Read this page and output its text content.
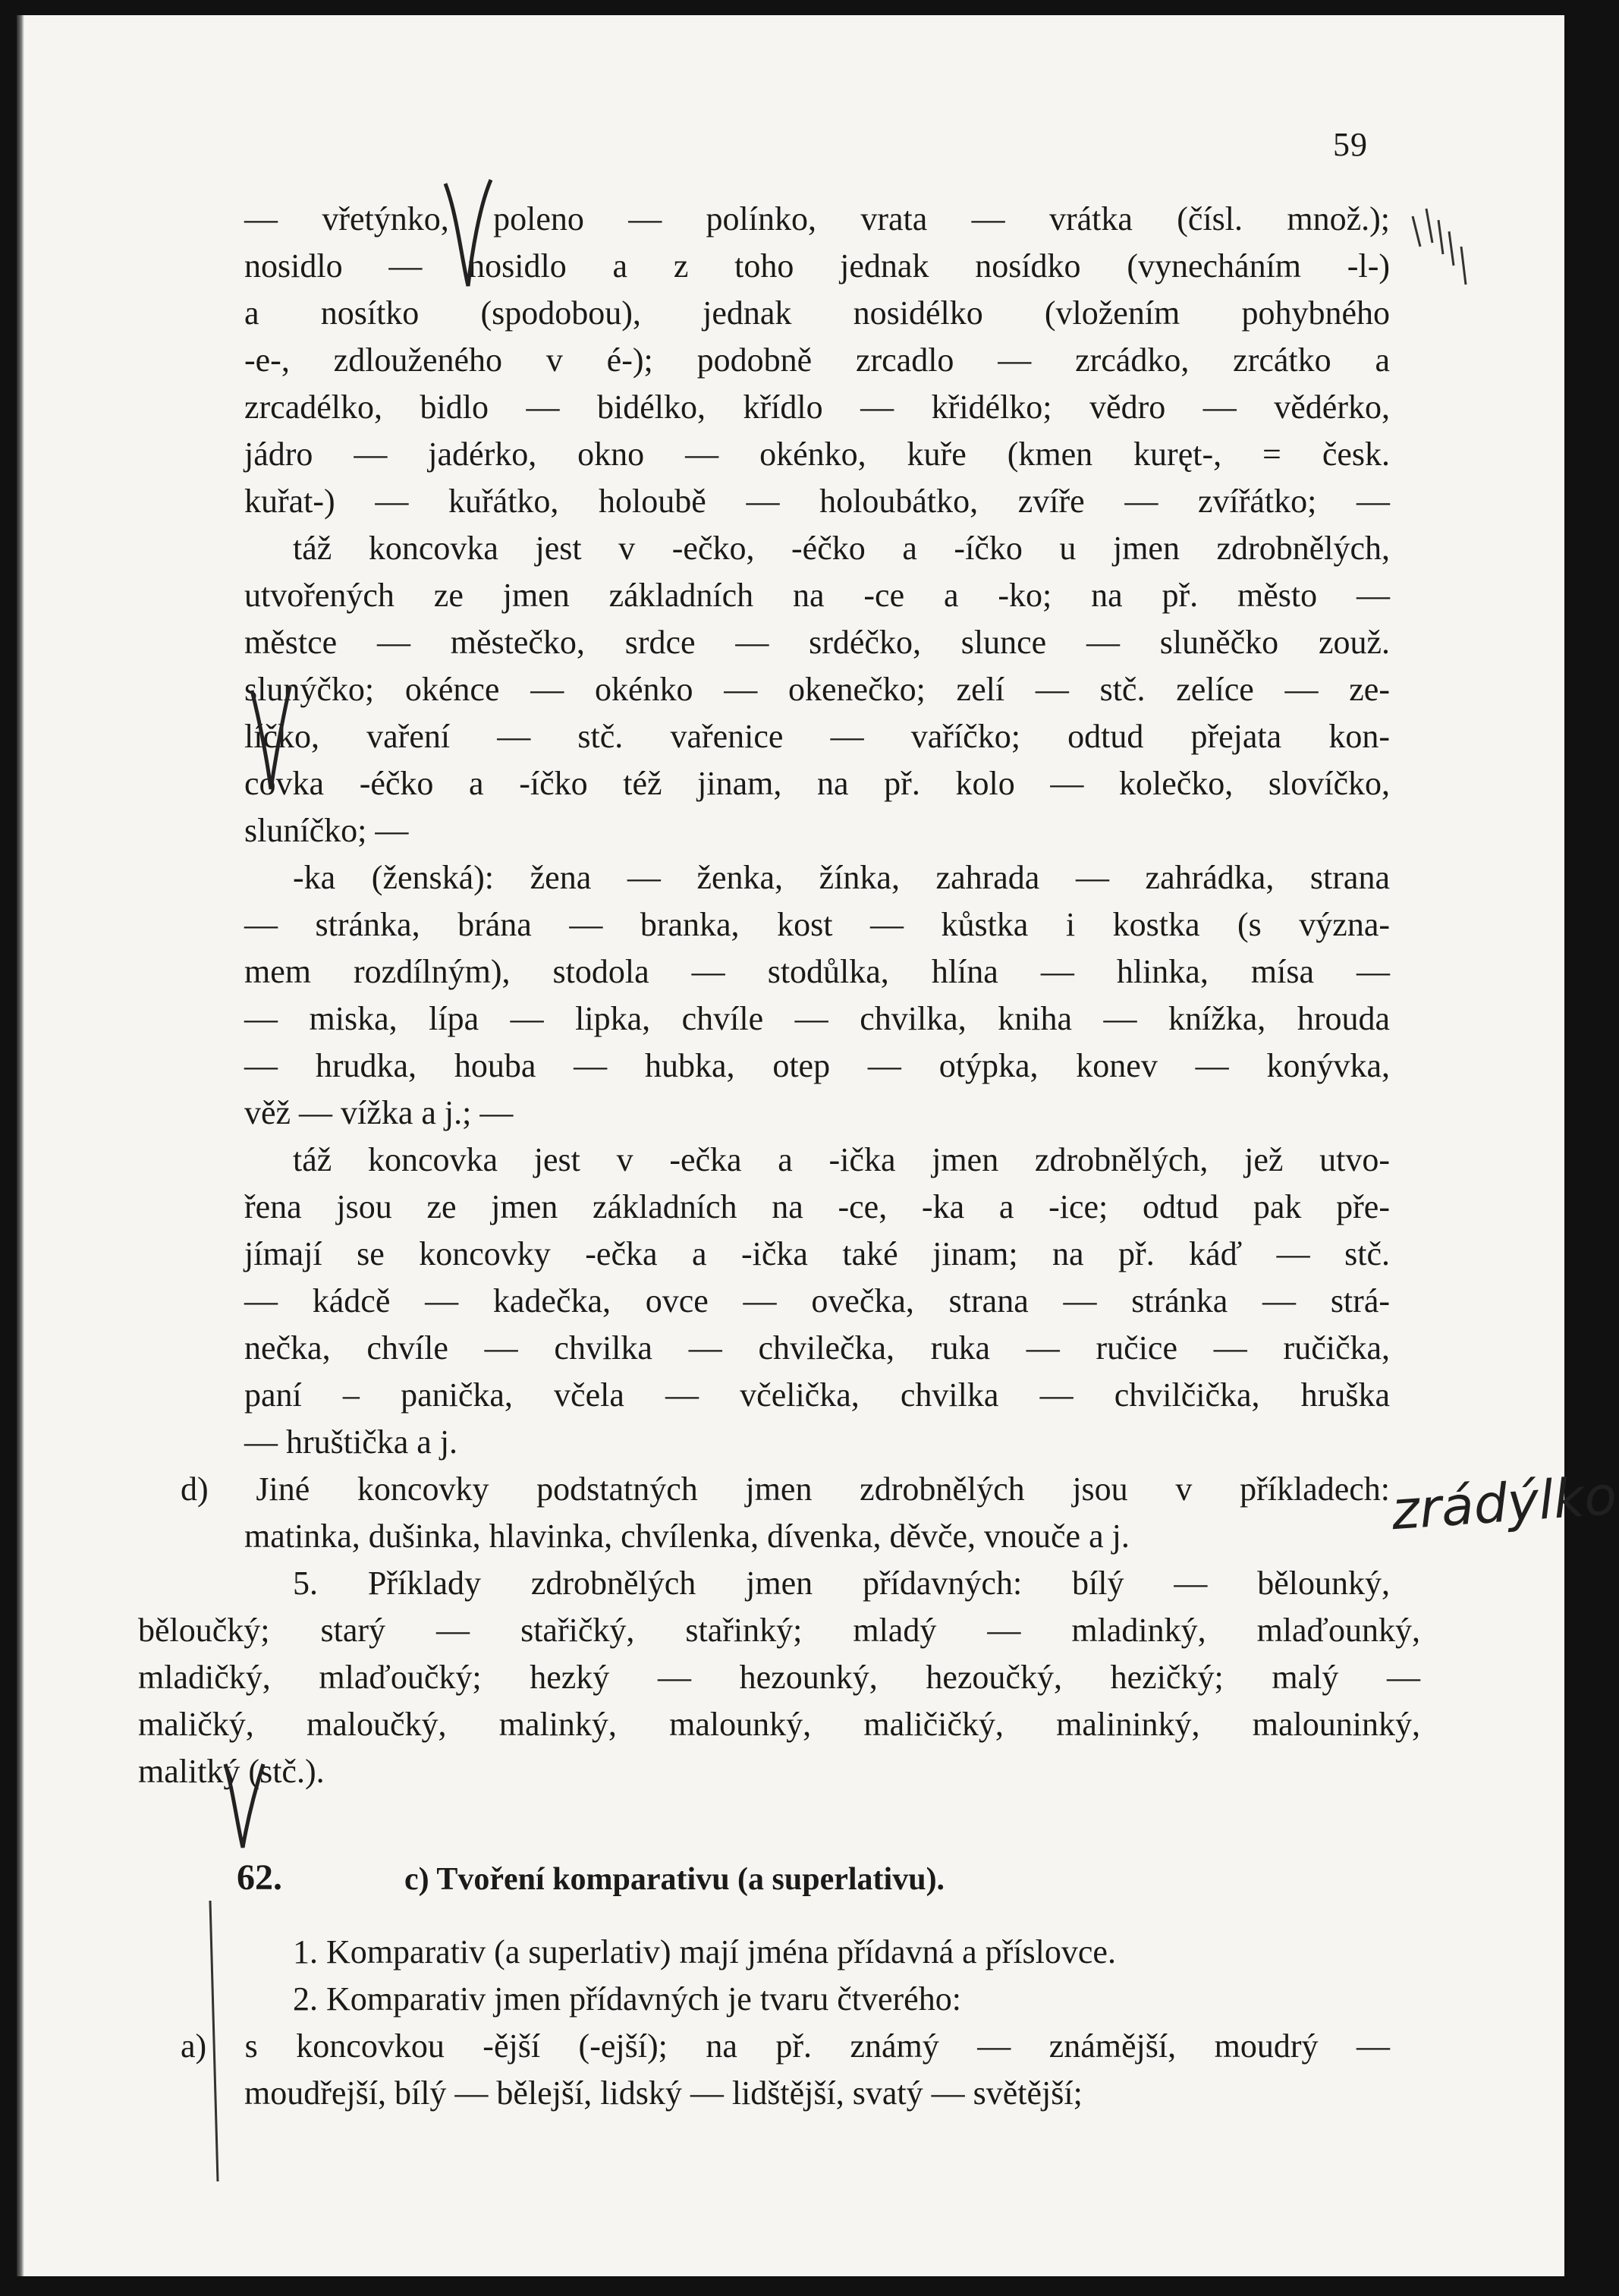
59
— vřetýnko, poleno — polínko, vrata — vrátka (čísl. množ.);
nosidlo — nosidlo a z toho jednak nosídko (vynecháním -l-)
a nosítko (spodobou), jednak nosidélko (vložením pohybného
-e-, zdlouženého v é-); podobně zrcadlo — zrcádko, zrcátko a
zrcadélko, bidlo — bidélko, křídlo — křidélko; vědro — vědérko,
jádro — jadérko, okno — okénko, kuře (kmen kuręt-, = česk.
kuřat-) — kuřátko, holoubě — holoubátko, zvíře — zvířátko; —
táž koncovka jest v -ečko, -éčko a -íčko u jmen zdrobnělých,
utvořených ze jmen základních na -ce a -ko; na př. město —
městce — městečko, srdce — srdéčko, slunce — sluněčko zouž.
slunýčko; okénce — okénko — okenečko; zelí — stč. zelíce — ze-
líčko, vaření — stč. vařenice — vaříčko; odtud přejata kon-
covka -éčko a -íčko též jinam, na př. kolo — kolečko, slovíčko,
sluníčko; —
-ka (ženská): žena — ženka, žínka, zahrada — zahrádka, strana
— stránka, brána — branka, kost — kůstka i kostka (s význa-
mem rozdílným), stodola — stodůlka, hlína — hlinka, mísa —
— miska, lípa — lipka, chvíle — chvilka, kniha — knížka, hrouda
— hrudka, houba — hubka, otep — otýpka, konev — konývka,
věž — vížka a j.; —
táž koncovka jest v -ečka a -ička jmen zdrobnělých, jež utvo-
řena jsou ze jmen základních na -ce, -ka a -ice; odtud pak pře-
jímají se koncovky -ečka a -ička také jinam; na př. káď — stč.
— kádcě — kadečka, ovce — ovečka, strana — stránka — strá-
nečka, chvíle — chvilka — chvilečka, ruka — ručice — ručička,
paní – panička, včela — včelička, chvilka — chvilčička, hruška
— hruštička a j.
d) Jiné koncovky podstatných jmen zdrobnělých jsou v příkladech:
matinka, dušinka, hlavinka, chvílenka, dívenka, děvče, vnouče a j.
5. Příklady zdrobnělých jmen přídavných: bílý — bělounký,
běloučký; starý — stařičký, stařinký; mladý — mladinký, mlaďounký,
mladičký, mlaďoučký; hezký — hezounký, hezoučký, hezičký; malý —
maličký, maloučký, malinký, malounký, maličičký, malininký, malouninký,
malitký (stč.).
62.	c) Tvoření komparativu (a superlativu).
1. Komparativ (a superlativ) mají jména přídavná a příslovce.
2. Komparativ jmen přídavných je tvaru čtverého:
a) s koncovkou -ější (-ejší); na př. známý — známější, moudrý —
moudřejší, bílý — bělejší, lidský — lidštější, svatý — světější;
zrádýlko
